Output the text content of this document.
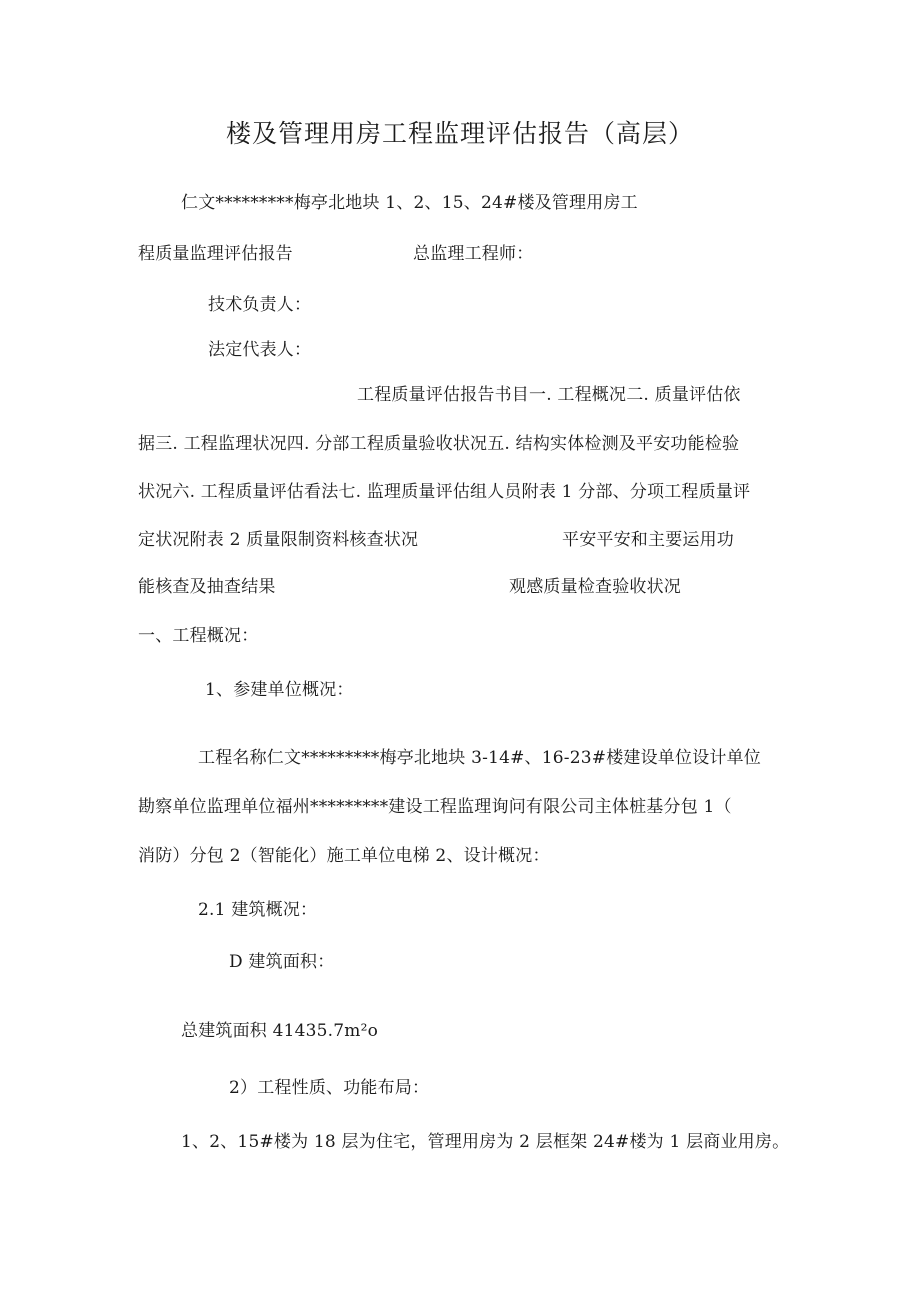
楼及管理用房工程监理评估报告（高层）
仁文*********梅亭北地块 1、2、15、24#楼及管理用房工
程质量监理评估报告	总监理工程师：
技术负责人：
法定代表人：
工程质量评估报告书目一. 工程概况二. 质量评估依
据三. 工程监理状况四. 分部工程质量验收状况五. 结构实体检测及平安功能检验
状况六. 工程质量评估看法七. 监理质量评估组人员附表 1 分部、分项工程质量评
定状况附表 2 质量限制资料核查状况	平安平安和主要运用功
能核查及抽查结果	观感质量检查验收状况
一、工程概况：
1、参建单位概况：
工程名称仁文*********梅亭北地块 3-14#、16-23#楼建设单位设计单位
勘察单位监理单位福州*********建设工程监理询问有限公司主体桩基分包 1（
消防）分包 2（智能化）施工单位电梯 2、设计概况：
2.1 建筑概况：
D 建筑面积：
总建筑面积 41435.7m²o
2）工程性质、功能布局：
1、2、15#楼为 18 层为住宅，管理用房为 2 层框架 24#楼为 1 层商业用房。
